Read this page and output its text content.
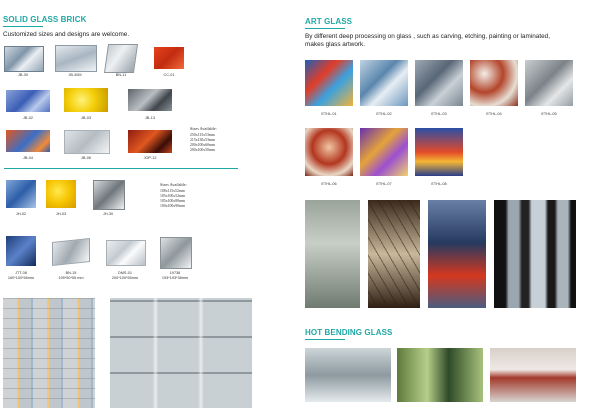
SOLID GLASS BRICK
Customized sizes and designs are welcome.
JB-30	JB-30M	BN-11	CC-01
JB-02	JB-03	JB-13
JB-04	JB-06	JOP-12
Sizes Available:
250x115x53mm
215x130x53mm
200x100x60mm
200x100x50mm
JH-02	JH-03	JH-30
Sizes Available:
108x115x52mm
105x100x52mm
105x100x80mm
100x100x90mm
JTT-08
160*100*56mm
BN-15
195*50*55 mm
DMS-01
200*100*55mm
19738
193*193*38mm
ART GLASS
By different deep processing on glass , such as carving, etching, painting or laminated, makes glass artwork.
ETHL-01	ETHL-02	ETHL-03	ETHL-04	ETHL-05
ETHL-06	ETHL-07	ETHL-08
HOT BENDING GLASS
